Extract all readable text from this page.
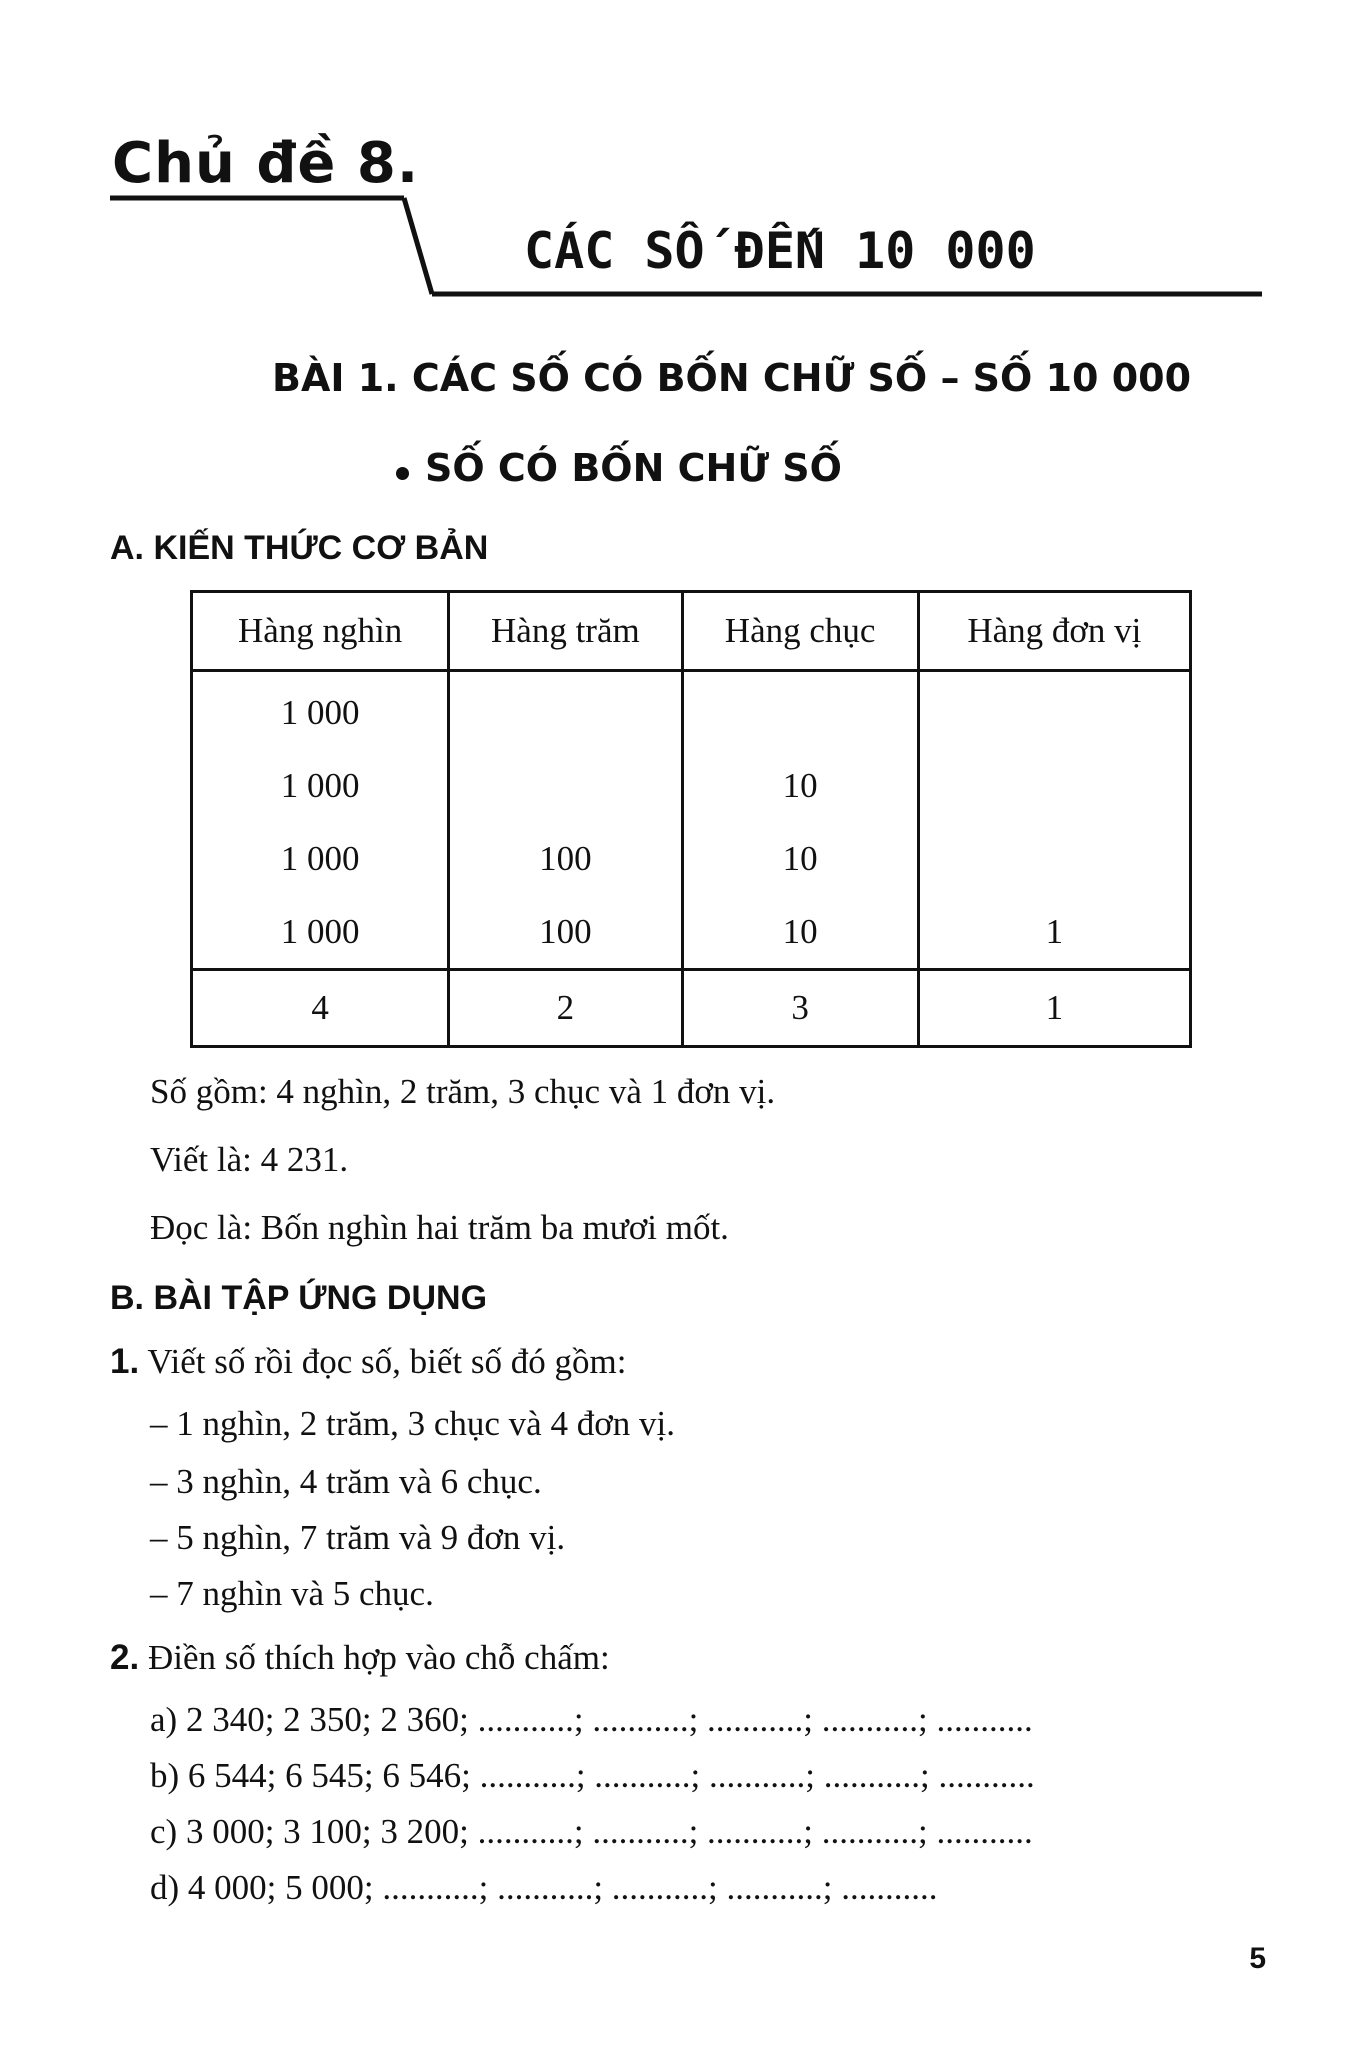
Chủ đề 8.
CÁC SỐ ĐẾN 10 000
BÀI 1. CÁC SỐ CÓ BỐN CHỮ SỐ – SỐ 10 000
SỐ CÓ BỐN CHỮ SỐ
A. KIẾN THỨC CƠ BẢN
Hàng nghìn	Hàng trăm	Hàng chục	Hàng đơn vị
1 000			
1 000		10	
1 000	100	10	
1 000	100	10	1
4	2	3	1
Số gồm: 4 nghìn, 2 trăm, 3 chục và 1 đơn vị.
Viết là: 4 231.
Đọc là: Bốn nghìn hai trăm ba mươi mốt.
B. BÀI TẬP ỨNG DỤNG
1. Viết số rồi đọc số, biết số đó gồm:
– 1 nghìn, 2 trăm, 3 chục và 4 đơn vị.
– 3 nghìn, 4 trăm và 6 chục.
– 5 nghìn, 7 trăm và 9 đơn vị.
– 7 nghìn và 5 chục.
2. Điền số thích hợp vào chỗ chấm:
a) 2 340; 2 350; 2 360; ...........; ...........; ...........; ...........; ...........
b) 6 544; 6 545; 6 546; ...........; ...........; ...........; ...........; ...........
c) 3 000; 3 100; 3 200; ...........; ...........; ...........; ...........; ...........
d) 4 000; 5 000; ...........; ...........; ...........; ...........; ...........
5
